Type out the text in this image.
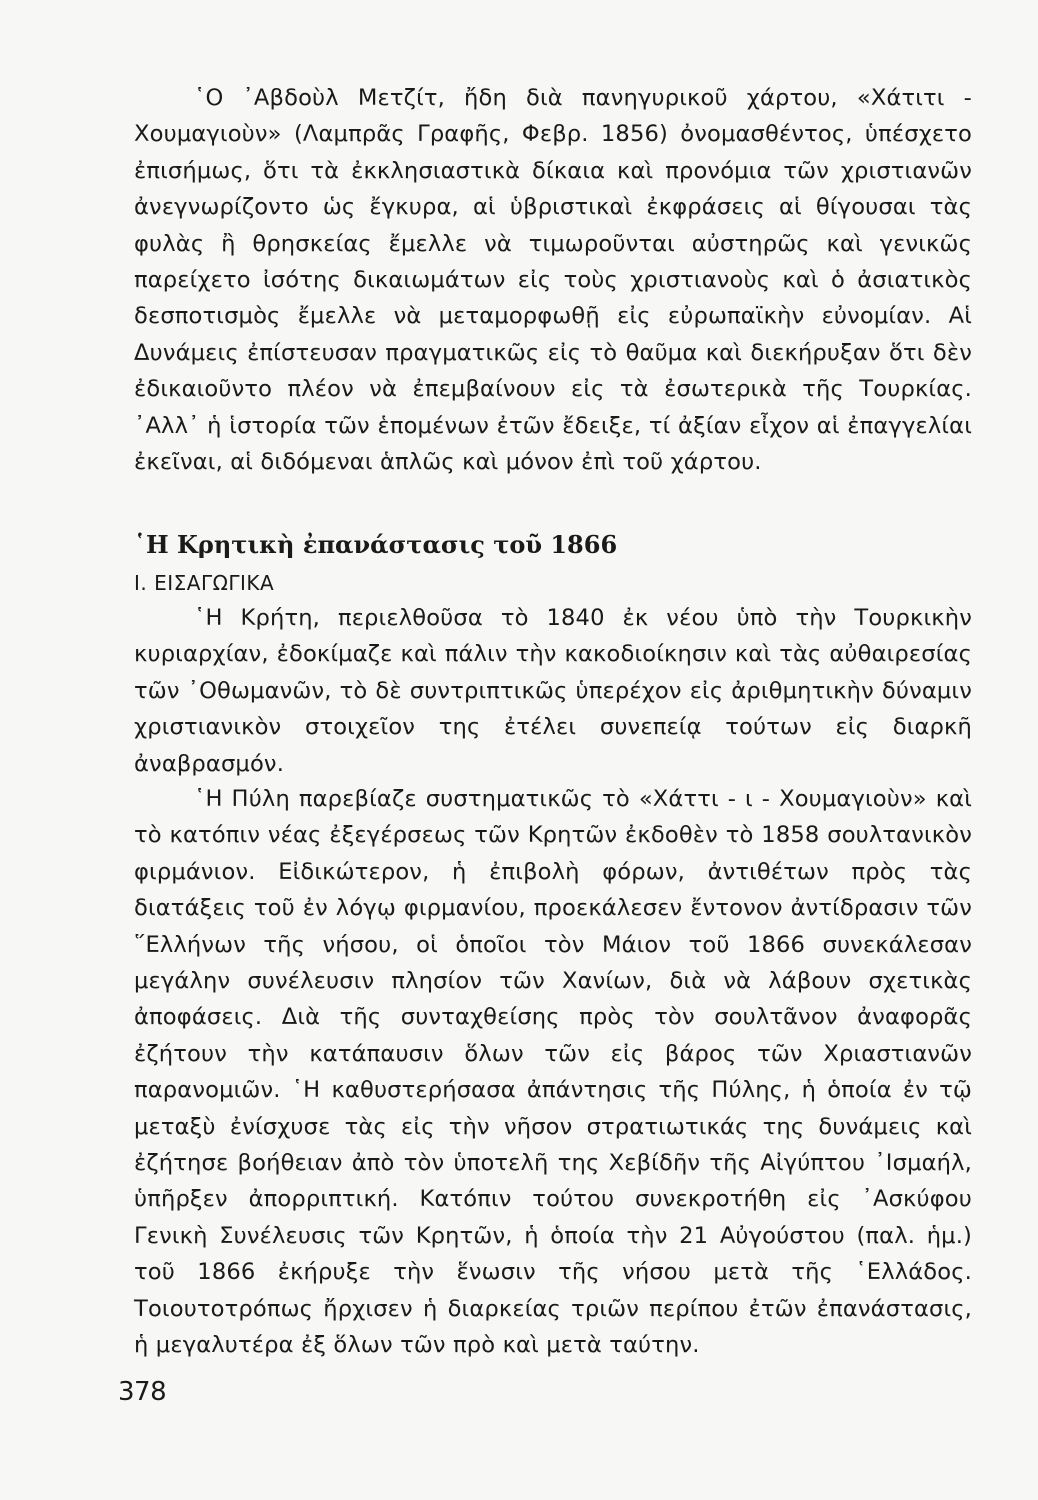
῾Ο ᾿Αβδοὺλ Μετζίτ, ἤδη διὰ πανηγυρικοῦ χάρτου, «Χάτιτι - Χουμαγιοὺν» (Λαμπρᾶς Γραφῆς, Φεβρ. 1856) ὀνομασθέντος, ὑπέσχετο ἐπισήμως, ὅτι τὰ ἐκκλησιαστικὰ δίκαια καὶ προνόμια τῶν χριστιανῶν ἀνεγνωρίζοντο ὡς ἔγκυρα, αἱ ὑβριστικαὶ ἐκφράσεις αἱ θίγουσαι τὰς φυλὰς ἢ θρησκείας ἔμελλε νὰ τιμωροῦνται αὐστηρῶς καὶ γενικῶς παρείχετο ἰσότης δικαιωμάτων εἰς τοὺς χριστιανοὺς καὶ ὁ ἀσιατικὸς δεσποτισμὸς ἔμελλε νὰ μεταμορφωθῇ εἰς εὐρωπαϊκὴν εὐνομίαν. Αἱ Δυνάμεις ἐπίστευσαν πραγματικῶς εἰς τὸ θαῦμα καὶ διεκήρυξαν ὅτι δὲν ἐδικαιοῦντο πλέον νὰ ἐπεμβαίνουν εἰς τὰ ἐσωτερικὰ τῆς Τουρκίας. ᾿Αλλ᾿ ἡ ἱστορία τῶν ἑπομένων ἐτῶν ἔδειξε, τί ἀξίαν εἶχον αἱ ἐπαγγελίαι ἐκεῖναι, αἱ διδόμεναι ἁπλῶς καὶ μόνον ἐπὶ τοῦ χάρτου.

῾Η Κρητικὴ ἐπανάστασις τοῦ 1866
Ι. ΕΙΣΑΓΩΓΙΚΑ

῾Η Κρήτη, περιελθοῦσα τὸ 1840 ἐκ νέου ὑπὸ τὴν Τουρκικὴν κυριαρχίαν, ἐδοκίμαζε καὶ πάλιν τὴν κακοδιοίκησιν καὶ τὰς αὐθαιρεσίας τῶν ᾿Οθωμανῶν, τὸ δὲ συντριπτικῶς ὑπερέχον εἰς ἀριθμητικὴν δύναμιν χριστιανικὸν στοιχεῖον της ἐτέλει συνεπείᾳ τούτων εἰς διαρκῆ ἀναβρασμόν.

῾Η Πύλη παρεβίαζε συστηματικῶς τὸ «Χάττι - ι - Χουμαγιοὺν» καὶ τὸ κατόπιν νέας ἐξεγέρσεως τῶν Κρητῶν ἐκδοθὲν τὸ 1858 σουλτανικὸν φιρμάνιον. Εἰδικώτερον, ἡ ἐπιβολὴ φόρων, ἀντιθέτων πρὸς τὰς διατάξεις τοῦ ἐν λόγῳ φιρμανίου, προεκάλεσεν ἔντονον ἀντίδρασιν τῶν ῞Ελλήνων τῆς νήσου, οἱ ὁποῖοι τὸν Μάιον τοῦ 1866 συνεκάλεσαν μεγάλην συνέλευσιν πλησίον τῶν Χανίων, διὰ νὰ λάβουν σχετικὰς ἀποφάσεις. Διὰ τῆς συνταχθείσης πρὸς τὸν σουλτᾶνον ἀναφορᾶς ἐζήτουν τὴν κατάπαυσιν ὅλων τῶν εἰς βάρος τῶν Χριαστιανῶν παρανομιῶν. ῾Η καθυστερήσασα ἀπάντησις τῆς Πύλης, ἡ ὁποία ἐν τῷ μεταξὺ ἐνίσχυσε τὰς εἰς τὴν νῆσον στρατιωτικάς της δυνάμεις καὶ ἐζήτησε βοήθειαν ἀπὸ τὸν ὑποτελῆ της Χεβίδῆν τῆς Αἰγύπτου ᾿Ισμαήλ, ὑπῆρξεν ἀπορριπτική. Κατόπιν τούτου συνεκροτήθη εἰς ᾿Ασκύφου Γενικὴ Συνέλευσις τῶν Κρητῶν, ἡ ὁποία τὴν 21 Αὐγούστου (παλ. ἡμ.) τοῦ 1866 ἐκήρυξε τὴν ἕνωσιν τῆς νήσου μετὰ τῆς ῾Ελλάδος. Τοιουτοτρόπως ἤρχισεν ἡ διαρκείας τριῶν περίπου ἐτῶν ἐπανάστασις, ἡ μεγαλυτέρα ἐξ ὅλων τῶν πρὸ καὶ μετὰ ταύτην.

378
